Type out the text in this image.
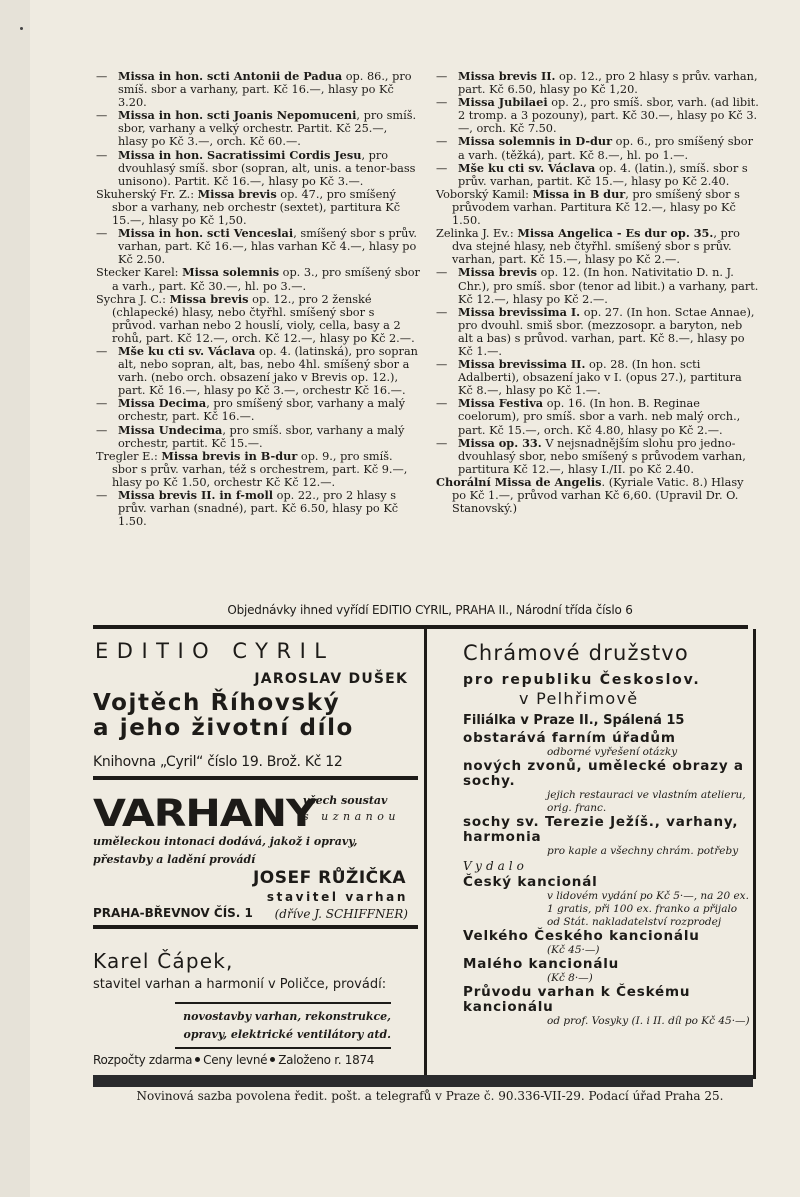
— Missa in hon. scti Antonii de Padua op. 86., pro smíš. sbor a varhany, part. Kč 16.—, hlasy po Kč 3.20.

— Missa in hon. scti Joanis Nepomuceni, pro smíš. sbor, varhany a velký orchestr. Partit. Kč 25.—, hlasy po Kč 3.—, orch. Kč 60.—.

— Missa in hon. Sacratissimi Cordis Jesu, pro dvouhlasý smíš. sbor (sopran, alt, unis. a tenor-bass unisono). Partit. Kč 16.—, hlasy po Kč 3.—.

Skuherský Fr. Z.: Missa brevis op. 47., pro smíšený sbor a varhany, neb orchestr (sextet), partitura Kč 15.—, hlasy po Kč 1,50.

— Missa in hon. scti Venceslai, smíšený sbor s prův. varhan, part. Kč 16.—, hlas varhan Kč 4.—, hlasy po Kč 2.50.

Stecker Karel: Missa solemnis op. 3., pro smíšený sbor a varh., part. Kč 30.—, hl. po 3.—.

Sychra J. C.: Missa brevis op. 12., pro 2 ženské (chlapecké) hlasy, nebo čtyřhl. smíšený sbor s průvod. varhan nebo 2 houslí, violy, cella, basy a 2 rohů, part. Kč 12.—, orch. Kč 12.—, hlasy po Kč 2.—.

— Mše ku cti sv. Václava op. 4. (latinská), pro sopran alt, nebo sopran, alt, bas, nebo 4hl. smíšený sbor a varh. (nebo orch. obsazení jako v Brevis op. 12.), part. Kč 16.—, hlasy po Kč 3.—, orchestr Kč 16.—.

— Missa Decima, pro smíšený sbor, varhany a malý orchestr, part. Kč 16.—.

— Missa Undecima, pro smíš. sbor, varhany a malý orchestr, partit. Kč 15.—.

Tregler E.: Missa brevis in B-dur op. 9., pro smíš. sbor s prův. varhan, též s orchestrem, part. Kč 9.—, hlasy po Kč 1.50, orchestr Kč Kč 12.—.

— Missa brevis II. in f-moll op. 22., pro 2 hlasy s prův. varhan (snadné), part. Kč 6.50, hlasy po Kč 1.50.

— Missa brevis II. op. 12., pro 2 hlasy s prův. varhan, part. Kč 6.50, hlasy po Kč 1,20.

— Missa Jubilaei op. 2., pro smíš. sbor, varh. (ad libit. 2 tromp. a 3 pozouny), part. Kč 30.—, hlasy po Kč 3.—, orch. Kč 7.50.

— Missa solemnis in D-dur op. 6., pro smíšený sbor a varh. (těžká), part. Kč 8.—, hl. po 1.—.

— Mše ku cti sv. Václava op. 4. (latin.), smíš. sbor s prův. varhan, partit. Kč 15.—, hlasy po Kč 2.40.

Voborský Kamil: Missa in B dur, pro smíšený sbor s průvodem varhan. Partitura Kč 12.—, hlasy po Kč 1.50.

Zelinka J. Ev.: Missa Angelica - Es dur op. 35., pro dva stejné hlasy, neb čtyřhl. smíšený sbor s prův. varhan, part. Kč 15.—, hlasy po Kč 2.—.

— Missa brevis op. 12. (In hon. Nativitatio D. n. J. Chr.), pro smíš. sbor (tenor ad libit.) a varhany, part. Kč 12.—, hlasy po Kč 2.—.

— Missa brevissima I. op. 27. (In hon. Sctae Annae), pro dvouhl. smiš sbor. (mezzosopr. a baryton, neb alt a bas) s průvod. varhan, part. Kč 8.—, hlasy po Kč 1.—.

— Missa brevissima II. op. 28. (In hon. scti Adalberti), obsazení jako v I. (opus 27.), partitura Kč 8.—, hlasy po Kč 1.—.

— Missa Festiva op. 16. (In hon. B. Reginae coelorum), pro smíš. sbor a varh. neb malý orch., part. Kč 15.—, orch. Kč 4.80, hlasy po Kč 2.—.

— Missa op. 33. V nejsnadnějším slohu pro jedno- dvouhlasý sbor, nebo smíšený s průvodem varhan, partitura Kč 12.—, hlasy I./II. po Kč 2.40.

Chorální Missa de Angelis. (Kyriale Vatic. 8.) Hlasy po Kč 1.—, průvod varhan Kč 6,60. (Upravil Dr. O. Stanovský.)

Objednávky ihned vyřídí EDITIO CYRIL, PRAHA II., Národní třída číslo 6
EDITIO CYRIL
JAROSLAV DUŠEK
Vojtěch Říhovský
a jeho životní dílo
Knihovna „Cyril“ číslo 19. Brož. Kč 12
VARHANY
všech soustav
s uznanou
uměleckou intonaci dodává, jakož i opravy, přestavby a ladění provádí
JOSEF RŮŽIČKA
stavitel varhan
PRAHA-BŘEVNOV ČÍS. 1 (dříve J. SCHIFFNER)
Karel Čápek,
stavitel varhan a harmonií v Poličce, provádí:
novostavby varhan, rekonstrukce,
opravy, elektrické ventilátory atd.
Rozpočty zdarma Ceny levné Založeno r. 1874
Chrámové družstvo
pro republiku Českoslov.
v Pelhřimově
Filiálka v Praze II., Spálená 15

obstarává farním úřadům

odborné vyřešení otázky

nových zvonů, umělecké obrazy a sochy.

jejich restauraci ve vlastním atelieru, orig. franc.

sochy sv. Terezie Ježíš., varhany, harmonia

pro kaple a všechny chrám. potřeby

Vydalo

Český kancionál

v lidovém vydání po Kč 5·—, na 20 ex. 1 gratis, při 100 ex. franko a přijalo od Stát. nakladatelství rozprodej

Velkého Českého kancionálu

(Kč 45·—)

Malého kancionálu

(Kč 8·—)

Průvodu varhan k Českému kancionálu

od prof. Vosyky (I. i II. díl po Kč 45·—)

Novinová sazba povolena ředit. pošt. a telegrafů v Praze č. 90.336-VII-29. Podací úřad Praha 25.
